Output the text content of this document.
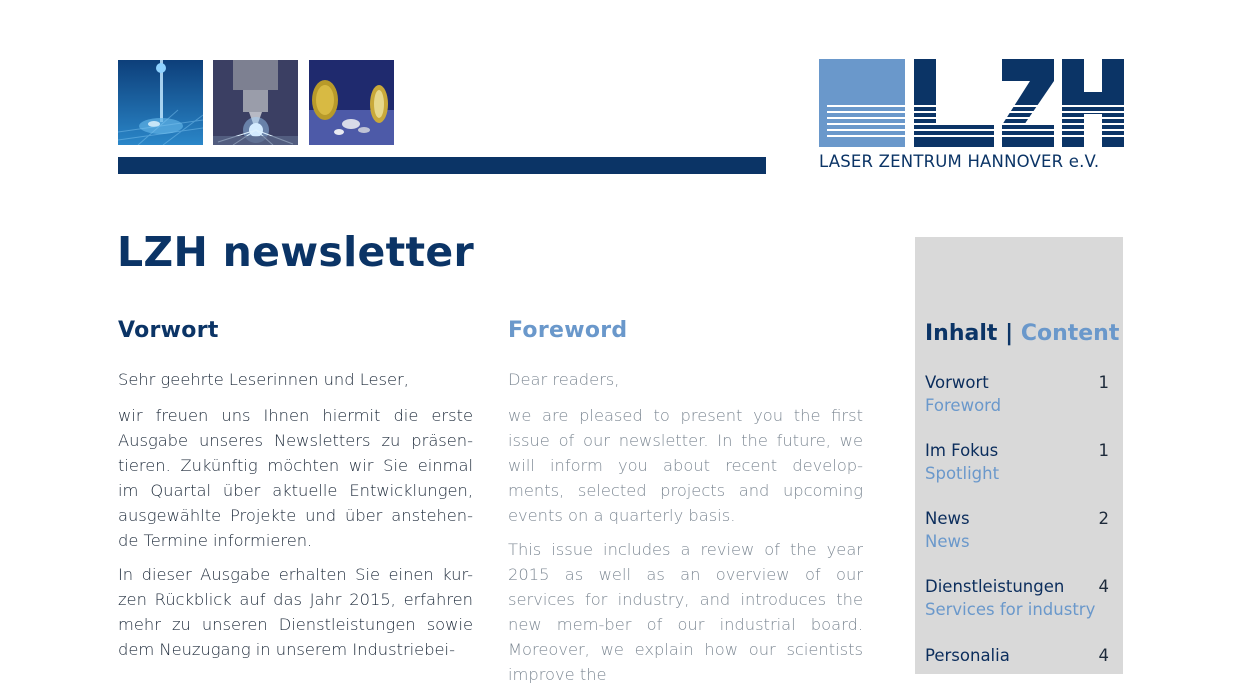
LASER ZENTRUM HANNOVER e.V.
LZH newsletter
Vorwort

Sehr geehrte Leserinnen und Leser,

wir freuen uns Ihnen hiermit die erste Ausgabe unseres Newsletters zu präsen-tieren. Zukünftig möchten wir Sie einmal im Quartal über aktuelle Entwicklungen, ausgewählte Projekte und über anstehen-de Termine informieren.

In dieser Ausgabe erhalten Sie einen kur-zen Rückblick auf das Jahr 2015, erfahren mehr zu unseren Dienstleistungen sowie dem Neuzugang in unserem Industriebei-

Foreword

Dear readers,

we are pleased to present you the first issue of our newsletter. In the future, we will inform you about recent develop-ments, selected projects and upcoming events on a quarterly basis.

This issue includes a review of the year 2015 as well as an overview of our services for industry, and introduces the new mem-ber of our industrial board. Moreover, we explain how our scientists improve the

Inhalt | Content
Vorwort
Foreword
1
Im Fokus
Spotlight
1
News
News
2
Dienstleistungen
Services for industry
4
Personalia	4
